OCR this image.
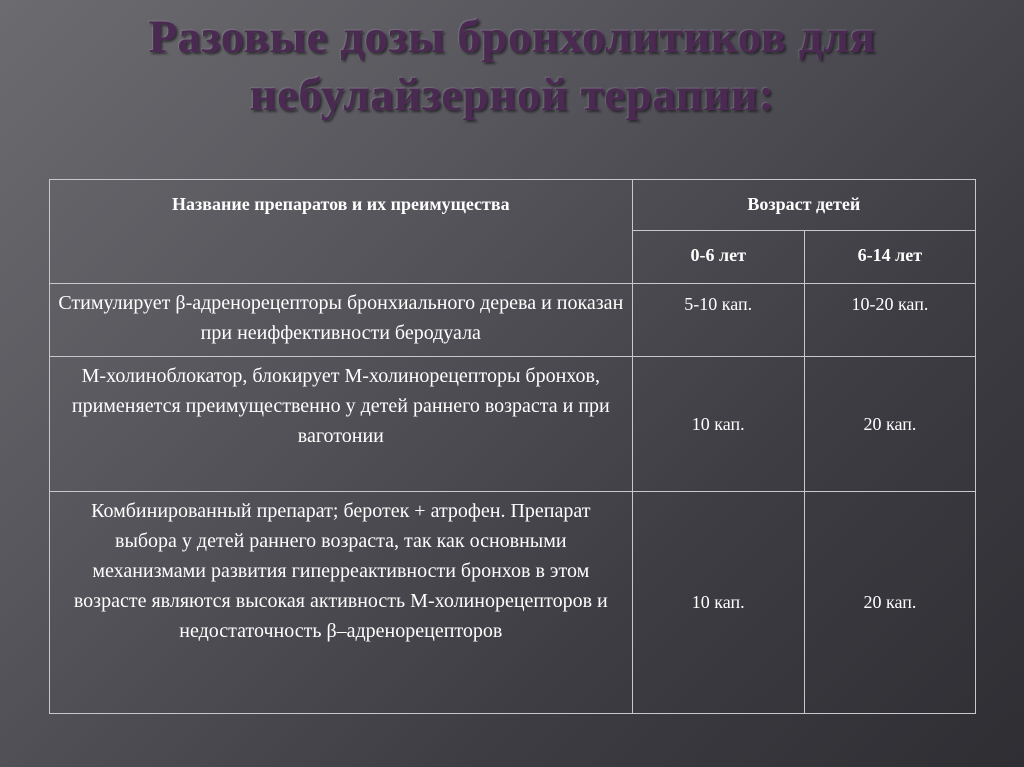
Разовые дозы бронхолитиков для
небулайзерной терапии:
Название препаратов и их преимущества	Возраст детей	
	0-6 лет	6-14 лет
Стимулирует β-адренорецепторы бронхиального дерева и показан при неиффективности беродуала	5-10 кап.	10-20 кап.
М-холиноблокатор, блокирует М-холинорецепторы бронхов, применяется преимущественно у детей раннего возраста и при ваготонии	10 кап.	20 кап.
Комбинированный препарат; беротек + атрофен. Препарат выбора у детей раннего возраста, так как основными механизмами развития гиперреактивности бронхов в этом возрасте являются высокая активность М-холинорецепторов и недостаточность β–адренорецепторов	10 кап.	20 кап.
